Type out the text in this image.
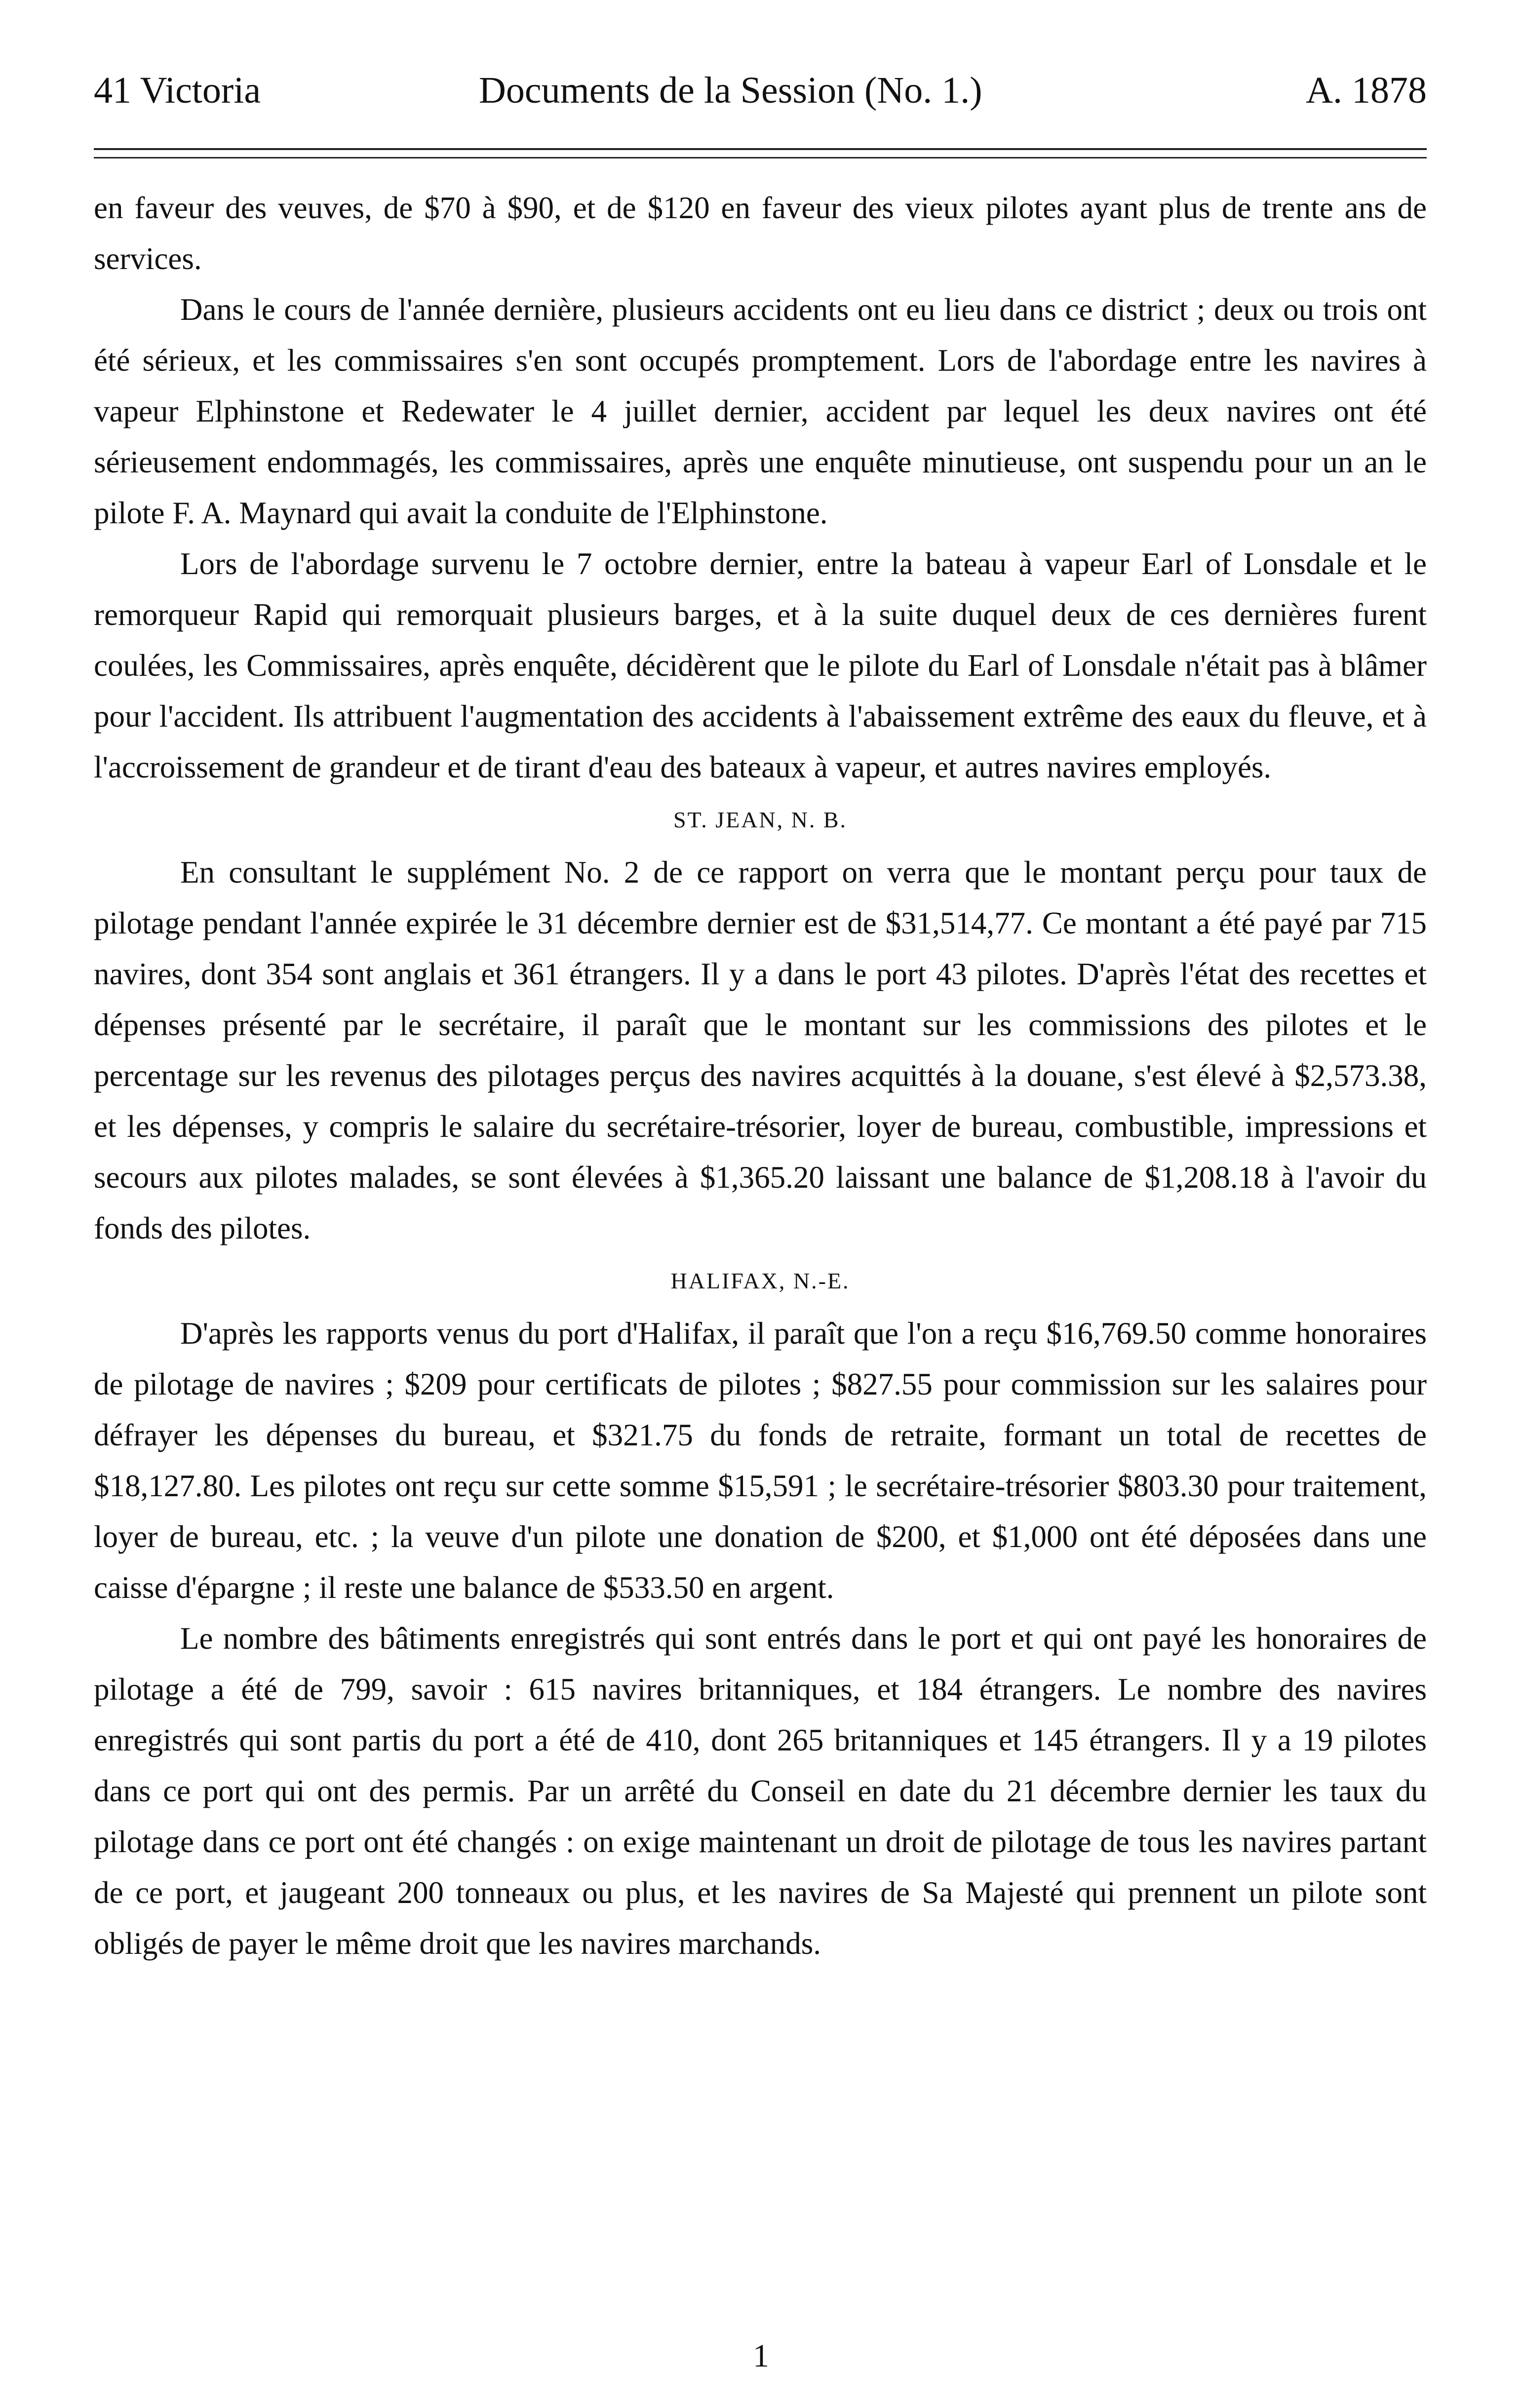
41 Victoria	Documents de la Session (No. 1.)	A. 1878

en faveur des veuves, de $70 à $90, et de $120 en faveur des vieux pilotes ayant plus de trente ans de services.

Dans le cours de l'année dernière, plusieurs accidents ont eu lieu dans ce district ; deux ou trois ont été sérieux, et les commissaires s'en sont occupés promptement. Lors de l'abordage entre les navires à vapeur Elphinstone et Redewater le 4 juillet dernier, accident par lequel les deux navires ont été sérieusement endommagés, les commissaires, après une enquête minutieuse, ont suspendu pour un an le pilote F. A. Maynard qui avait la conduite de l'Elphinstone.

Lors de l'abordage survenu le 7 octobre dernier, entre la bateau à vapeur Earl of Lonsdale et le remorqueur Rapid qui remorquait plusieurs barges, et à la suite duquel deux de ces dernières furent coulées, les Commissaires, après enquête, décidèrent que le pilote du Earl of Lonsdale n'était pas à blâmer pour l'accident. Ils attribuent l'augmentation des accidents à l'abaissement extrême des eaux du fleuve, et à l'accroissement de grandeur et de tirant d'eau des bateaux à vapeur, et autres navires employés.

ST. JEAN, N. B.

En consultant le supplément No. 2 de ce rapport on verra que le montant perçu pour taux de pilotage pendant l'année expirée le 31 décembre dernier est de $31,514,77. Ce montant a été payé par 715 navires, dont 354 sont anglais et 361 étrangers. Il y a dans le port 43 pilotes. D'après l'état des recettes et dépenses présenté par le secrétaire, il paraît que le montant sur les commissions des pilotes et le percentage sur les revenus des pilotages perçus des navires acquittés à la douane, s'est élevé à $2,573.38, et les dépenses, y compris le salaire du secrétaire-trésorier, loyer de bureau, combustible, impressions et secours aux pilotes malades, se sont élevées à $1,365.20 laissant une balance de $1,208.18 à l'avoir du fonds des pilotes.

HALIFAX, N.-E.

D'après les rapports venus du port d'Halifax, il paraît que l'on a reçu $16,769.50 comme honoraires de pilotage de navires ; $209 pour certificats de pilotes ; $827.55 pour commission sur les salaires pour défrayer les dépenses du bureau, et $321.75 du fonds de retraite, formant un total de recettes de $18,127.80. Les pilotes ont reçu sur cette somme $15,591 ; le secrétaire-trésorier $803.30 pour traitement, loyer de bureau, etc. ; la veuve d'un pilote une donation de $200, et $1,000 ont été déposées dans une caisse d'épargne ; il reste une balance de $533.50 en argent.

Le nombre des bâtiments enregistrés qui sont entrés dans le port et qui ont payé les honoraires de pilotage a été de 799, savoir : 615 navires britanniques, et 184 étrangers. Le nombre des navires enregistrés qui sont partis du port a été de 410, dont 265 britanniques et 145 étrangers. Il y a 19 pilotes dans ce port qui ont des permis. Par un arrêté du Conseil en date du 21 décembre dernier les taux du pilotage dans ce port ont été changés : on exige maintenant un droit de pilotage de tous les navires partant de ce port, et jaugeant 200 tonneaux ou plus, et les navires de Sa Majesté qui prennent un pilote sont obligés de payer le même droit que les navires marchands.

1
